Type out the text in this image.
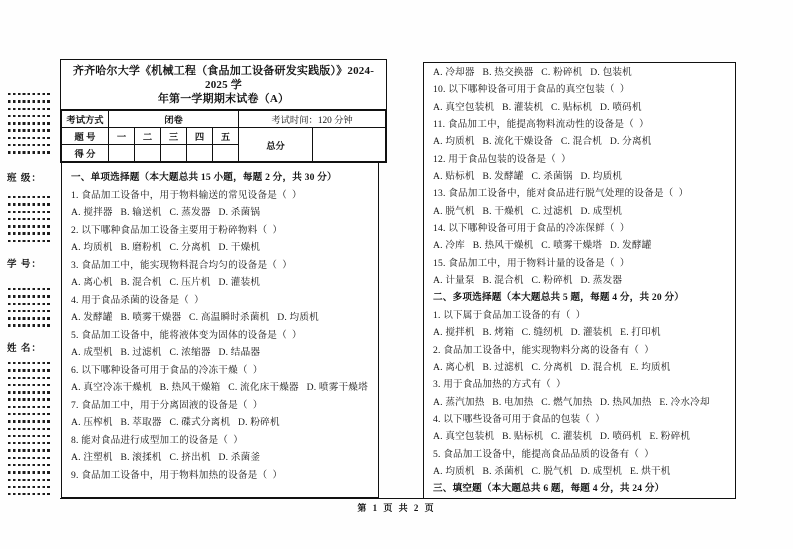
班 级：
学 号：
姓 名：
齐齐哈尔大学《机械工程（食品加工设备研发实践版）》2024-2025 学
年第一学期期末试卷（A）
考试方式	闭卷					考试时间：120 分钟	
题 号	一	二	三	四	五	总分	
得 分							
一、单项选择题（本大题总共 15 小题，每题 2 分，共 30 分）
1. 食品加工设备中，用于物料输送的常见设备是（  ）
A. 搅拌器   B. 输送机   C. 蒸发器   D. 杀菌锅
2. 以下哪种食品加工设备主要用于粉碎物料（  ）
A. 均质机   B. 磨粉机   C. 分离机   D. 干燥机
3. 食品加工中，能实现物料混合均匀的设备是（  ）
A. 离心机   B. 混合机   C. 压片机   D. 灌装机
4. 用于食品杀菌的设备是（  ）
A. 发酵罐   B. 喷雾干燥器   C. 高温瞬时杀菌机   D. 均质机
5. 食品加工设备中，能将液体变为固体的设备是（  ）
A. 成型机   B. 过滤机   C. 浓缩器   D. 结晶器
6. 以下哪种设备可用于食品的冷冻干燥（  ）
A. 真空冷冻干燥机   B. 热风干燥箱   C. 流化床干燥器   D. 喷雾干燥塔
7. 食品加工中，用于分离固液的设备是（  ）
A. 压榨机   B. 萃取器   C. 碟式分离机   D. 粉碎机
8. 能对食品进行成型加工的设备是（  ）
A. 注塑机   B. 滚揉机   C. 挤出机   D. 杀菌釜
9. 食品加工设备中，用于物料加热的设备是（  ）
A. 冷却器   B. 热交换器   C. 粉碎机   D. 包装机
10. 以下哪种设备可用于食品的真空包装（  ）
A. 真空包装机   B. 灌装机   C. 贴标机   D. 喷码机
11. 食品加工中，能提高物料流动性的设备是（  ）
A. 均质机   B. 流化干燥设备   C. 混合机   D. 分离机
12. 用于食品包装的设备是（  ）
A. 贴标机   B. 发酵罐   C. 杀菌锅   D. 均质机
13. 食品加工设备中，能对食品进行脱气处理的设备是（  ）
A. 脱气机   B. 干燥机   C. 过滤机   D. 成型机
14. 以下哪种设备可用于食品的冷冻保鲜（  ）
A. 冷库   B. 热风干燥机   C. 喷雾干燥塔   D. 发酵罐
15. 食品加工中，用于物料计量的设备是（  ）
A. 计量泵   B. 混合机   C. 粉碎机   D. 蒸发器
二、多项选择题（本大题总共 5 题，每题 4 分，共 20 分）
1. 以下属于食品加工设备的有（  ）
A. 搅拌机   B. 烤箱   C. 缝纫机   D. 灌装机   E. 打印机
2. 食品加工设备中，能实现物料分离的设备有（  ）
A. 离心机   B. 过滤机   C. 分离机   D. 混合机   E. 均质机
3. 用于食品加热的方式有（  ）
A. 蒸汽加热   B. 电加热   C. 燃气加热   D. 热风加热   E. 冷水冷却
4. 以下哪些设备可用于食品的包装（  ）
A. 真空包装机   B. 贴标机   C. 灌装机   D. 喷码机   E. 粉碎机
5. 食品加工设备中，能提高食品品质的设备有（  ）
A. 均质机   B. 杀菌机   C. 脱气机   D. 成型机   E. 烘干机
三、填空题（本大题总共 6 题，每题 4 分，共 24 分）
第 1 页 共 2 页
